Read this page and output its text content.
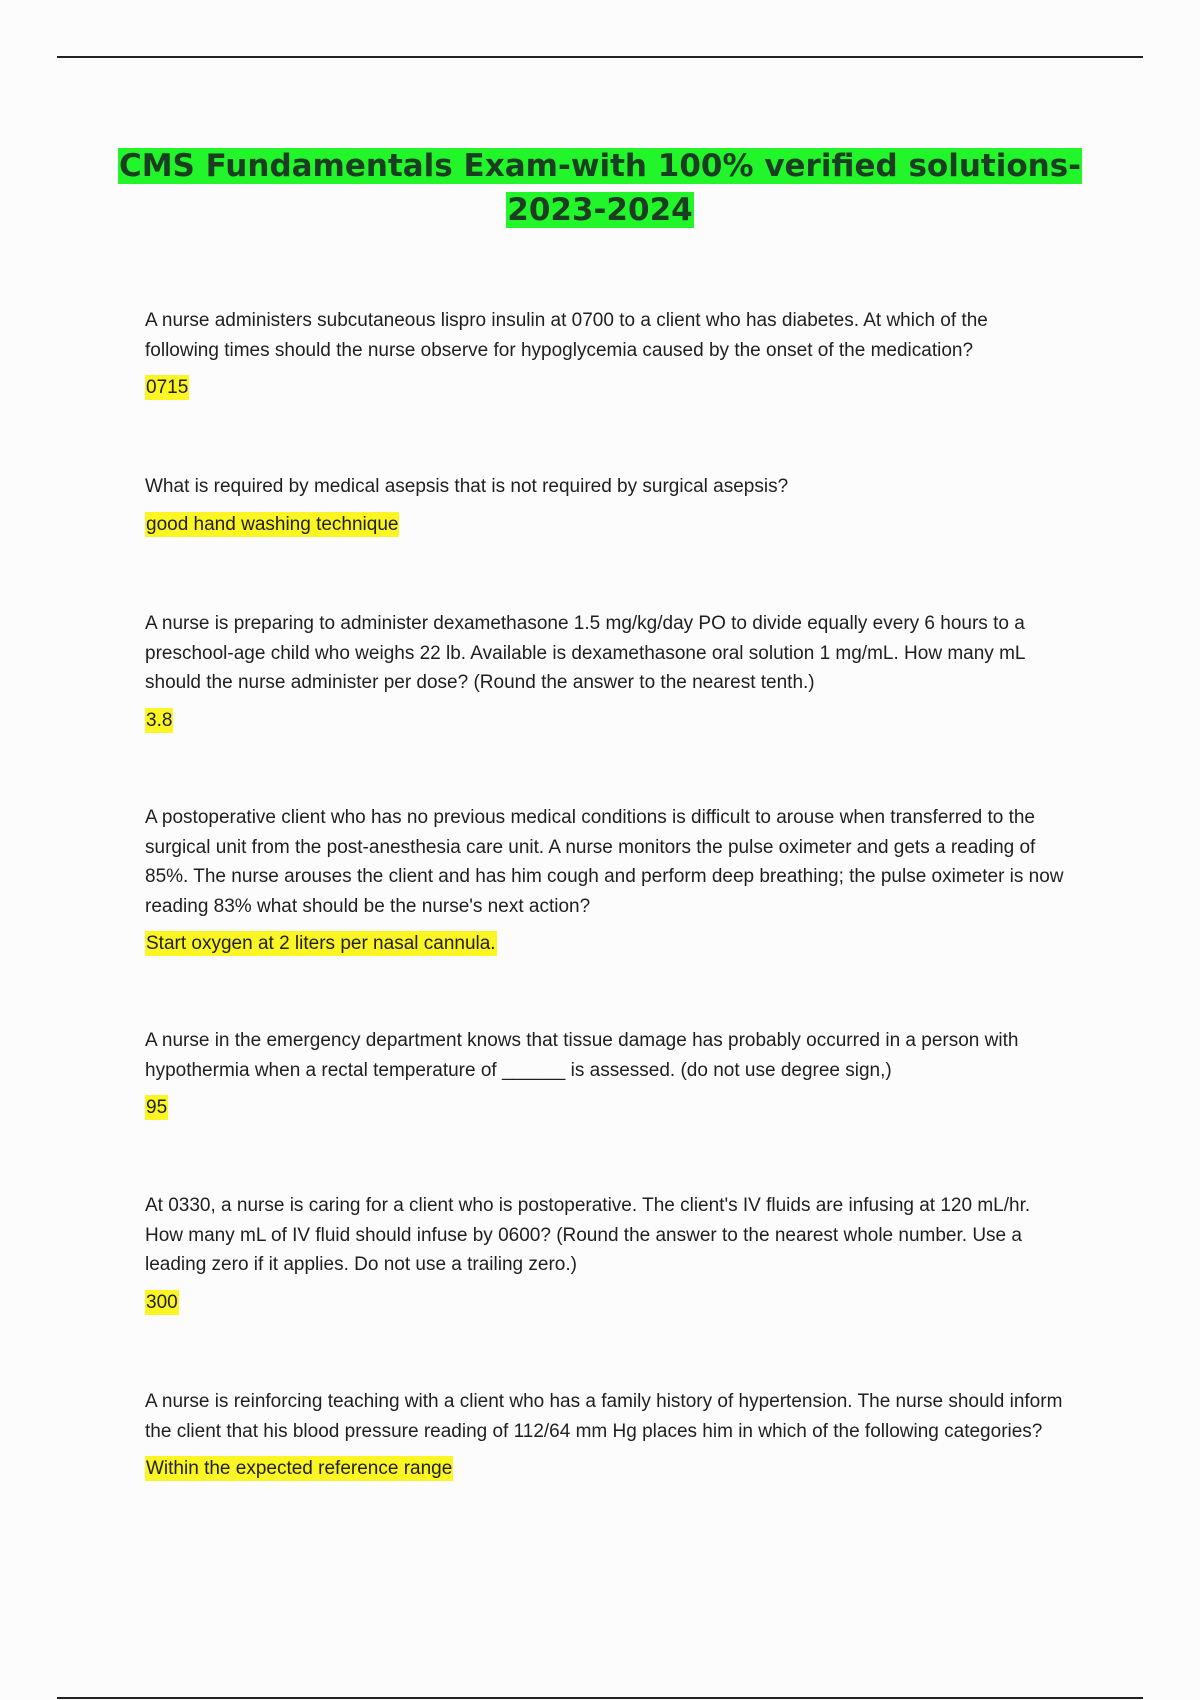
CMS Fundamentals Exam-with 100% verified solutions-
2023-2024

A nurse administers subcutaneous lispro insulin at 0700 to a client who has diabetes. At which of the following times should the nurse observe for hypoglycemia caused by the onset of the medication?

0715

What is required by medical asepsis that is not required by surgical asepsis?

good hand washing technique

A nurse is preparing to administer dexamethasone 1.5 mg/kg/day PO to divide equally every 6 hours to a preschool-age child who weighs 22 lb. Available is dexamethasone oral solution 1 mg/mL. How many mL should the nurse administer per dose? (Round the answer to the nearest tenth.)

3.8

A postoperative client who has no previous medical conditions is difficult to arouse when transferred to the surgical unit from the post-anesthesia care unit. A nurse monitors the pulse oximeter and gets a reading of 85%. The nurse arouses the client and has him cough and perform deep breathing; the pulse oximeter is now reading 83% what should be the nurse's next action?

Start oxygen at 2 liters per nasal cannula.

A nurse in the emergency department knows that tissue damage has probably occurred in a person with hypothermia when a rectal temperature of ______ is assessed. (do not use degree sign,)

95

At 0330, a nurse is caring for a client who is postoperative. The client's IV fluids are infusing at 120 mL/hr. How many mL of IV fluid should infuse by 0600? (Round the answer to the nearest whole number. Use a leading zero if it applies. Do not use a trailing zero.)

300

A nurse is reinforcing teaching with a client who has a family history of hypertension. The nurse should inform the client that his blood pressure reading of 112/64 mm Hg places him in which of the following categories?

Within the expected reference range
